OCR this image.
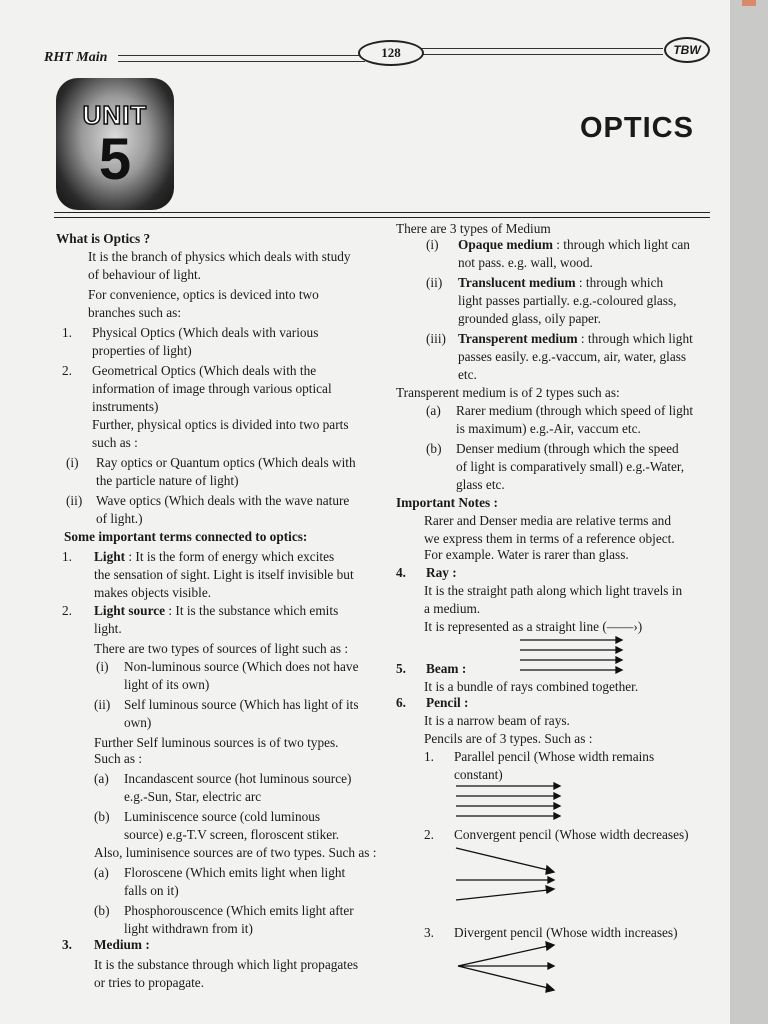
RHT Main	128	TBW
UNIT
5	OPTICS
What is Optics ?
It is the branch of physics which deals with study
of behaviour of light.
For convenience, optics is deviced into two
branches such as:
1. Physical Optics (Which deals with various
properties of light)
2. Geometrical Optics (Which deals with the
information of image through various optical
instruments)
Further, physical optics is divided into two parts
such as :
(i) Ray optics or Quantum optics (Which deals with
the particle nature of light)
(ii) Wave optics (Which deals with the wave nature
of light.)
Some important terms connected to optics:
1. Light : It is the form of energy which excites
the sensation of sight. Light is itself invisible but
makes objects visible.
2. Light source : It is the substance which emits
light.
There are two types of sources of light such as :
(i) Non-luminous source (Which does not have
light of its own)
(ii) Self luminous source (Which has light of its
own)
Further Self luminous sources is of two types.
Such as :
(a) Incandascent source (hot luminous source)
e.g.-Sun, Star, electric arc
(b) Luminiscence source (cold luminous
source) e.g-T.V screen, floroscent stiker.
Also, luminisence sources are of two types. Such as :
(a) Floroscene (Which emits light when light
falls on it)
(b) Phosphorouscence (Which emits light after
light withdrawn from it)
3. Medium :
It is the substance through which light propagates
or tries to propagate.
There are 3 types of Medium
(i) Opaque medium : through which light can
not pass. e.g. wall, wood.
(ii) Translucent medium : through which
light passes partially. e.g.-coloured glass,
grounded glass, oily paper.
(iii) Transperent medium : through which light
passes easily. e.g.-vaccum, air, water, glass
etc.
Transperent medium is of 2 types such as:
(a) Rarer medium (through which speed of light
is maximum) e.g.-Air, vaccum etc.
(b) Denser medium (through which the speed
of light is comparatively small) e.g.-Water,
glass etc.
Important Notes :
Rarer and Denser media are relative terms and
we express them in terms of a reference object.
For example. Water is rarer than glass.
4. Ray :
It is the straight path along which light travels in
a medium.
It is represented as a straight line (——›)
5. Beam :
It is a bundle of rays combined together.
6. Pencil :
It is a narrow beam of rays.
Pencils are of 3 types. Such as :
1. Parallel pencil (Whose width remains
constant)
2. Convergent pencil (Whose width decreases)
3. Divergent pencil (Whose width increases)
